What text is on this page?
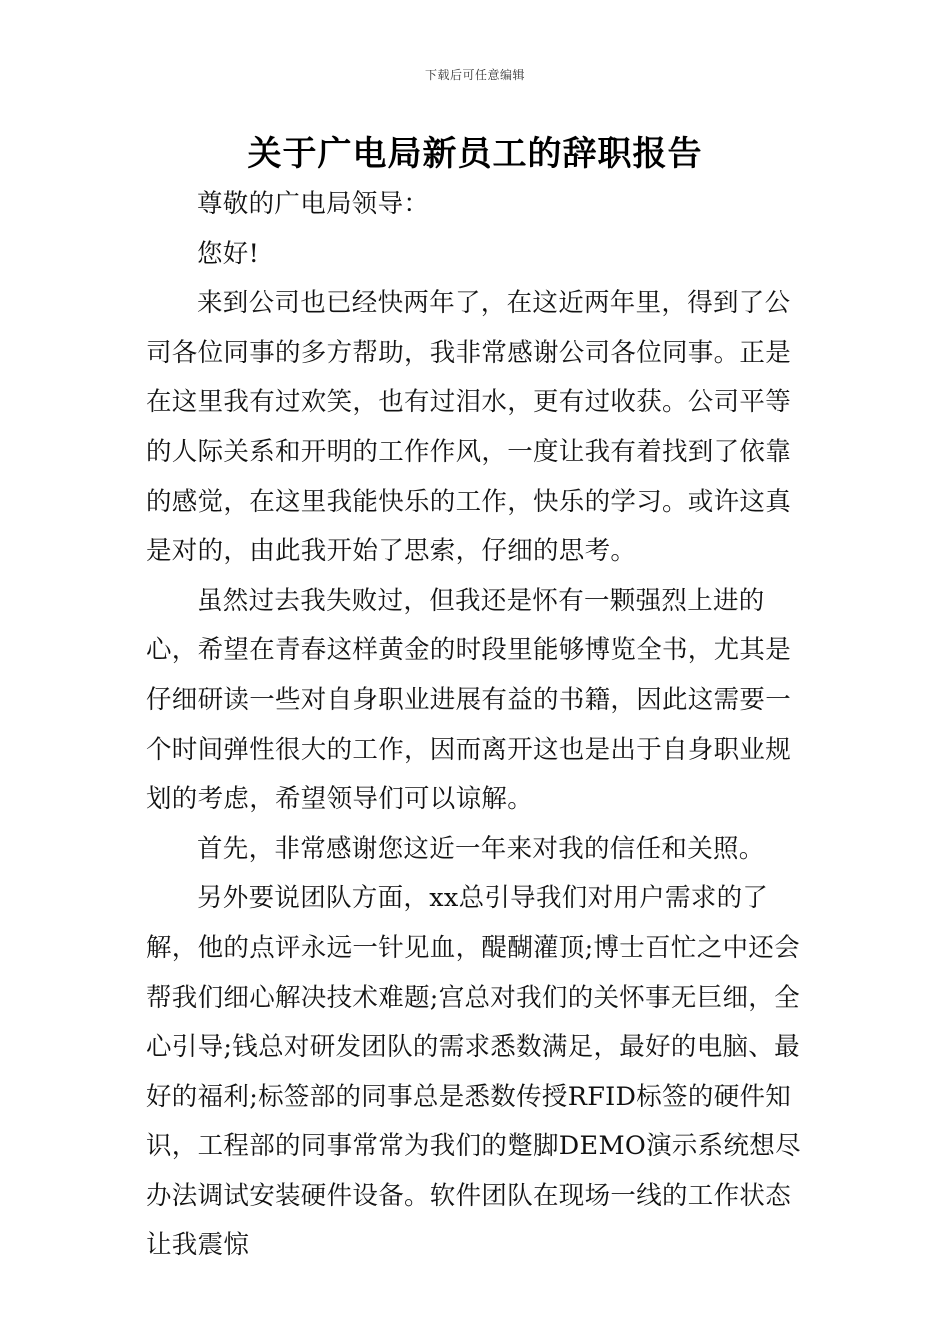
下载后可任意编辑
关于广电局新员工的辞职报告

尊敬的广电局领导：

您好!

来到公司也已经快两年了，在这近两年里，得到了公司各位同事的多方帮助，我非常感谢公司各位同事。正是在这里我有过欢笑，也有过泪水，更有过收获。公司平等的人际关系和开明的工作作风，一度让我有着找到了依靠的感觉，在这里我能快乐的工作，快乐的学习。或许这真是对的，由此我开始了思索，仔细的思考。

虽然过去我失败过，但我还是怀有一颗强烈上进的心，希望在青春这样黄金的时段里能够博览全书，尤其是仔细研读一些对自身职业进展有益的书籍，因此这需要一个时间弹性很大的工作，因而离开这也是出于自身职业规划的考虑，希望领导们可以谅解。

首先，非常感谢您这近一年来对我的信任和关照。

另外要说团队方面，xx总引导我们对用户需求的了解，他的点评永远一针见血，醍醐灌顶;博士百忙之中还会帮我们细心解决技术难题;宫总对我们的关怀事无巨细，全心引导;钱总对研发团队的需求悉数满足，最好的电脑、最好的福利;标签部的同事总是悉数传授RFID标签的硬件知识，工程部的同事常常为我们的蹩脚DEMO演示系统想尽办法调试安装硬件设备。软件团队在现场一线的工作状态让我震惊
